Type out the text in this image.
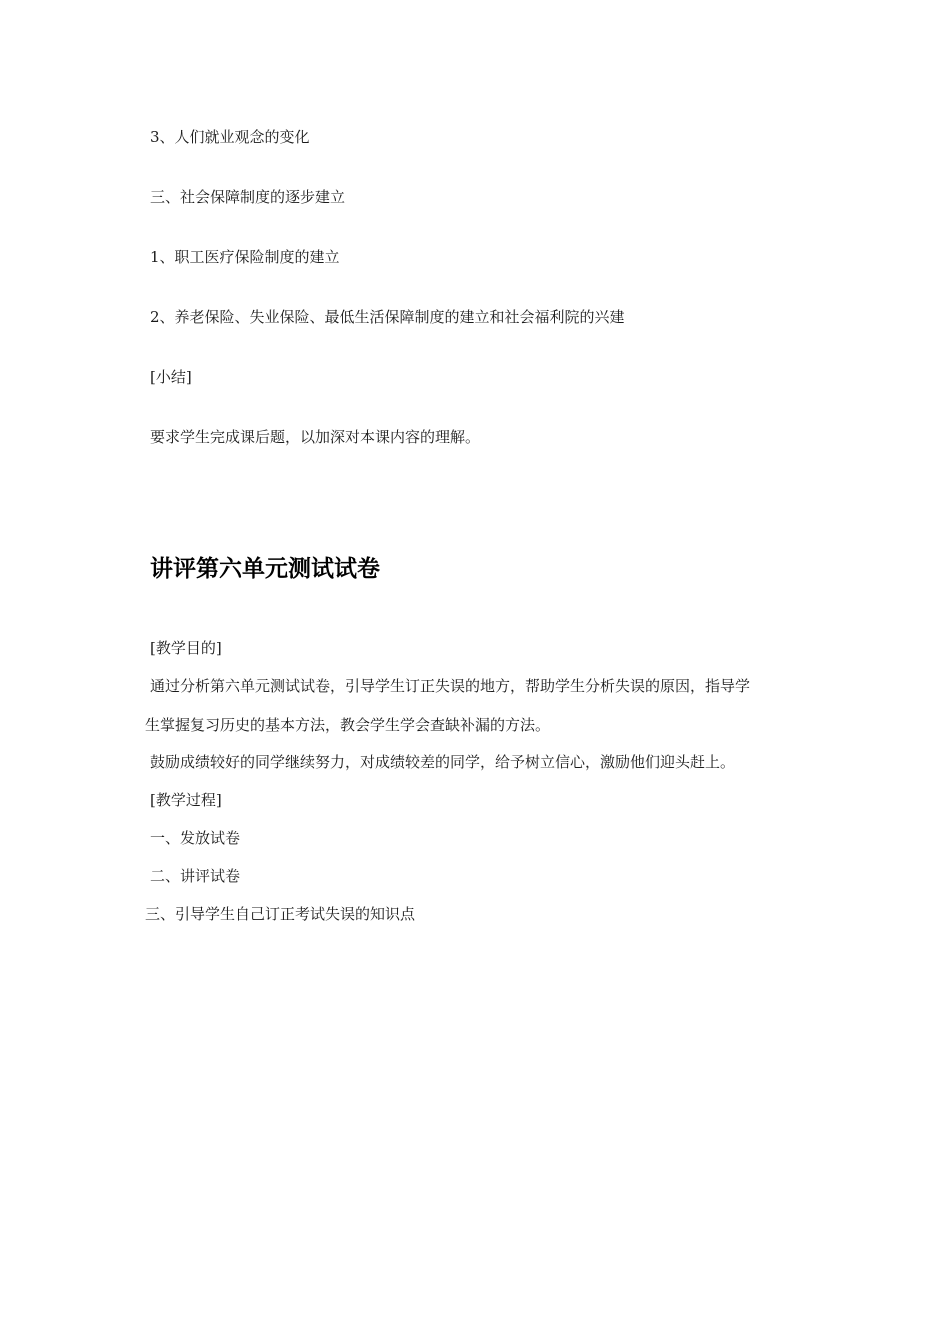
3、人们就业观念的变化
三、社会保障制度的逐步建立
1、职工医疗保险制度的建立
2、养老保险、失业保险、最低生活保障制度的建立和社会福利院的兴建
[小结]
要求学生完成课后题，以加深对本课内容的理解。
讲评第六单元测试试卷
[教学目的]
通过分析第六单元测试试卷，引导学生订正失误的地方，帮助学生分析失误的原因，指导学
生掌握复习历史的基本方法，教会学生学会查缺补漏的方法。
鼓励成绩较好的同学继续努力，对成绩较差的同学，给予树立信心，激励他们迎头赶上。
[教学过程]
一、发放试卷
二、讲评试卷
三、引导学生自己订正考试失误的知识点
